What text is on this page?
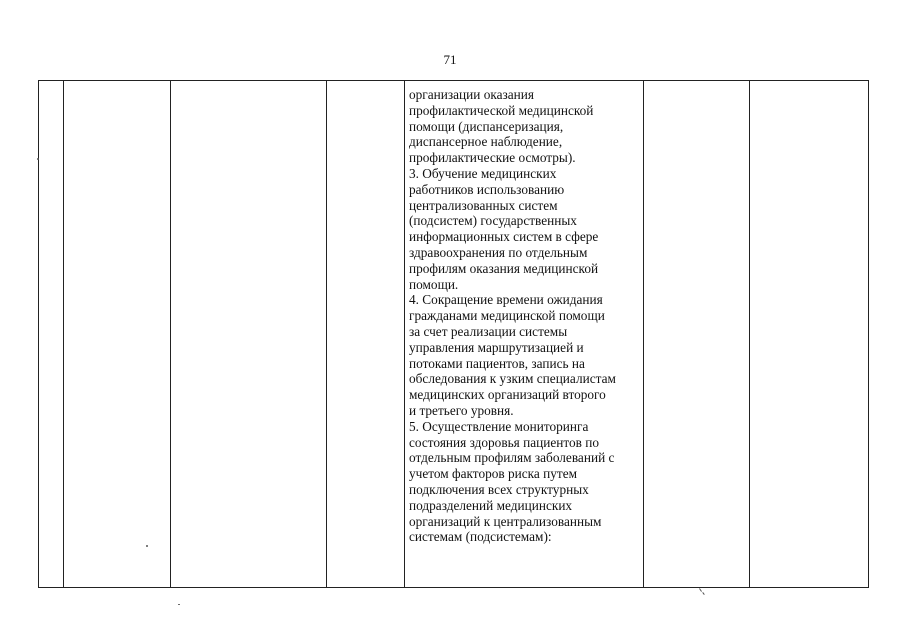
71

организации оказания
профилактической медицинской
помощи (диспансеризация,
диспансерное наблюдение,
профилактические осмотры).
3. Обучение медицинских
работников использованию
централизованных систем
(подсистем) государственных
информационных систем в сфере
здравоохранения по отдельным
профилям оказания медицинской
помощи.
4. Сокращение времени ожидания
гражданами медицинской помощи
за счет реализации системы
управления маршрутизацией и
потоками пациентов, запись на
обследования к узким специалистам
медицинских организаций второго
и третьего уровня.
5. Осуществление мониторинга
состояния здоровья пациентов по
отдельным профилям заболеваний с
учетом факторов риска путем
подключения всех структурных
подразделений медицинских
организаций к централизованным
системам (подсистемам):
